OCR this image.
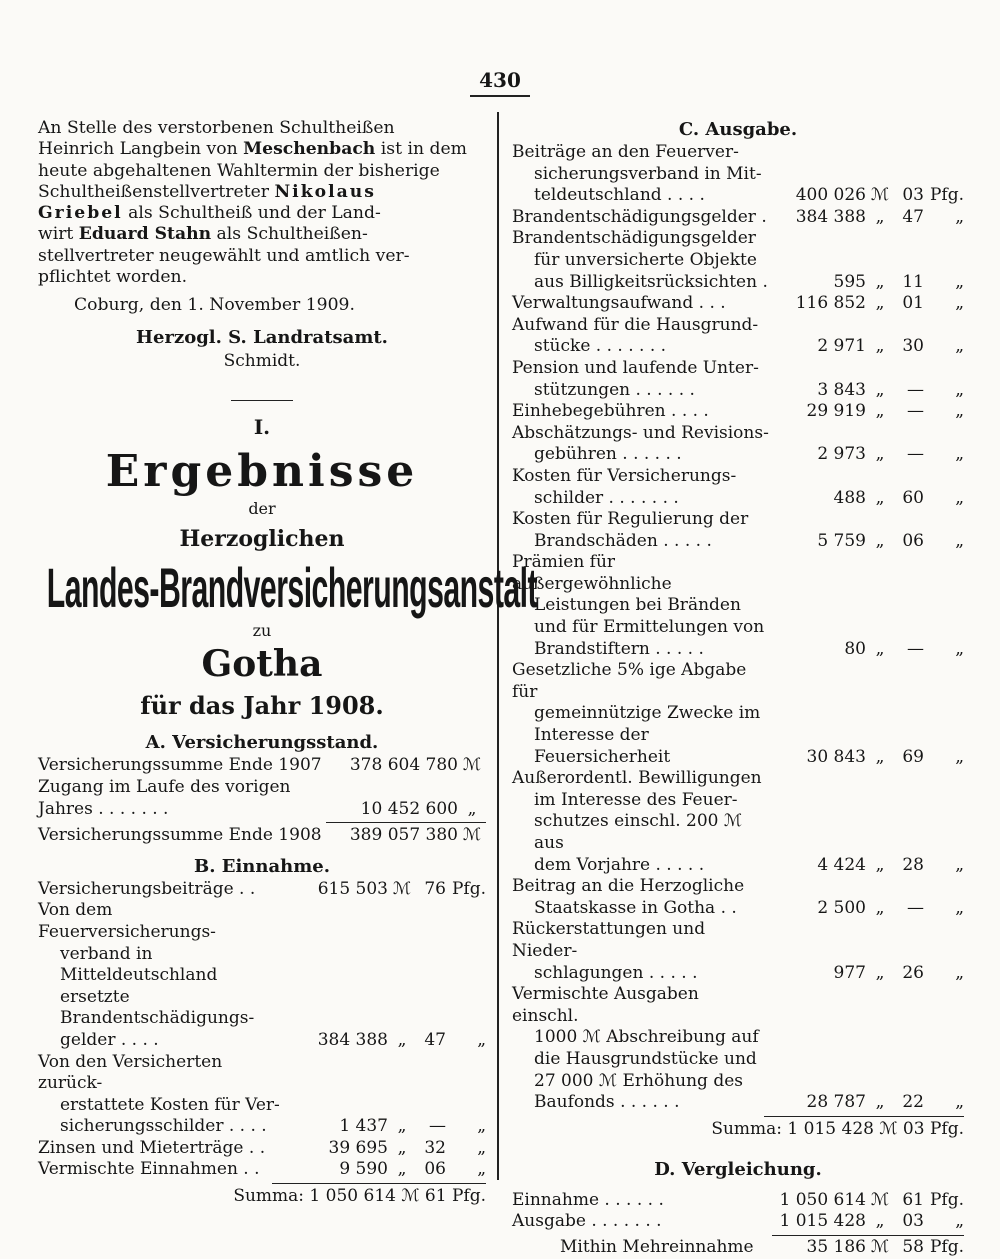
430

An Stelle des verstorbenen Schultheißen

Heinrich Langbein von Meschenbach ist in dem

heute abgehaltenen Wahltermin der bisherige

Schultheißenstellvertreter Nikolaus

Griebel als Schultheiß und der Land-

wirt Eduard Stahn als Schultheißen-

stellvertreter neugewählt und amtlich ver-

pflichtet worden.

Coburg, den 1. November 1909.
Herzogl. S. Landratsamt.
Schmidt.
I.
Ergebnisse
der
Herzoglichen
Landes-Brandversicherungsanstalt
zu
Gotha
für das Jahr 1908.
A. Versicherungsstand.
Versicherungssumme Ende 1907	378 604 780 ℳ
Zugang im Laufe des vorigen
Jahres . . . . . . .	10 452 600 „
Versicherungssumme Ende 1908	389 057 380 ℳ
B. Einnahme.
Versicherungsbeiträge . .	615 503 ℳ 76 Pfg.
Von dem Feuerversicherungs-
verband in Mitteldeutschland
ersetzte Brandentschädigungs-
gelder . . . .	384 388 „	47	„
Von den Versicherten zurück-
erstattete Kosten für Ver-
sicherungsschilder . . . .	1 437 „	—	„
Zinsen und Mieterträge . .	39 695 „	32	„
Vermischte Einnahmen . .	9 590 „	06	„
Summa: 1 050 614 ℳ 61 Pfg.
C. Ausgabe.
Beiträge an den Feuerver-
sicherungsverband in Mit-
teldeutschland . . . .	400 026 ℳ 03 Pfg.
Brandentschädigungsgelder .	384 388 „	47	„
Brandentschädigungsgelder
für unversicherte Objekte
aus Billigkeitsrücksichten .	595 „	11	„
Verwaltungsaufwand . . .	116 852 „	01	„
Aufwand für die Hausgrund-
stücke . . . . . . .	2 971 „	30	„
Pension und laufende Unter-
stützungen . . . . . .	3 843 „	—	„
Einhebegebühren . . . .	29 919 „	—	„
Abschätzungs- und Revisions-
gebühren . . . . . .	2 973 „	—	„
Kosten für Versicherungs-
schilder . . . . . . .	488 „	60	„
Kosten für Regulierung der
Brandschäden . . . . .	5 759 „	06	„
Prämien für außergewöhnliche
Leistungen bei Bränden
und für Ermittelungen von
Brandstiftern . . . . .	80 „	—	„
Gesetzliche 5% ige Abgabe für
gemeinnützige Zwecke im
Interesse der Feuersicherheit	30 843 „	69	„
Außerordentl. Bewilligungen
im Interesse des Feuer-
schutzes einschl. 200 ℳ aus
dem Vorjahre . . . . .	4 424 „	28	„
Beitrag an die Herzogliche
Staatskasse in Gotha . .	2 500 „	—	„
Rückerstattungen und Nieder-
schlagungen . . . . .	977 „	26	„
Vermischte Ausgaben einschl.
1000 ℳ Abschreibung auf
die Hausgrundstücke und
27 000 ℳ Erhöhung des
Baufonds . . . . . .	28 787 „	22	„
Summa: 1 015 428 ℳ 03 Pfg.
D. Vergleichung.
Einnahme . . . . . .	1 050 614 ℳ 61 Pfg.
Ausgabe . . . . . . .	1 015 428 „	03	„
Mithin Mehreinnahme	35 186 ℳ 58 Pfg.
